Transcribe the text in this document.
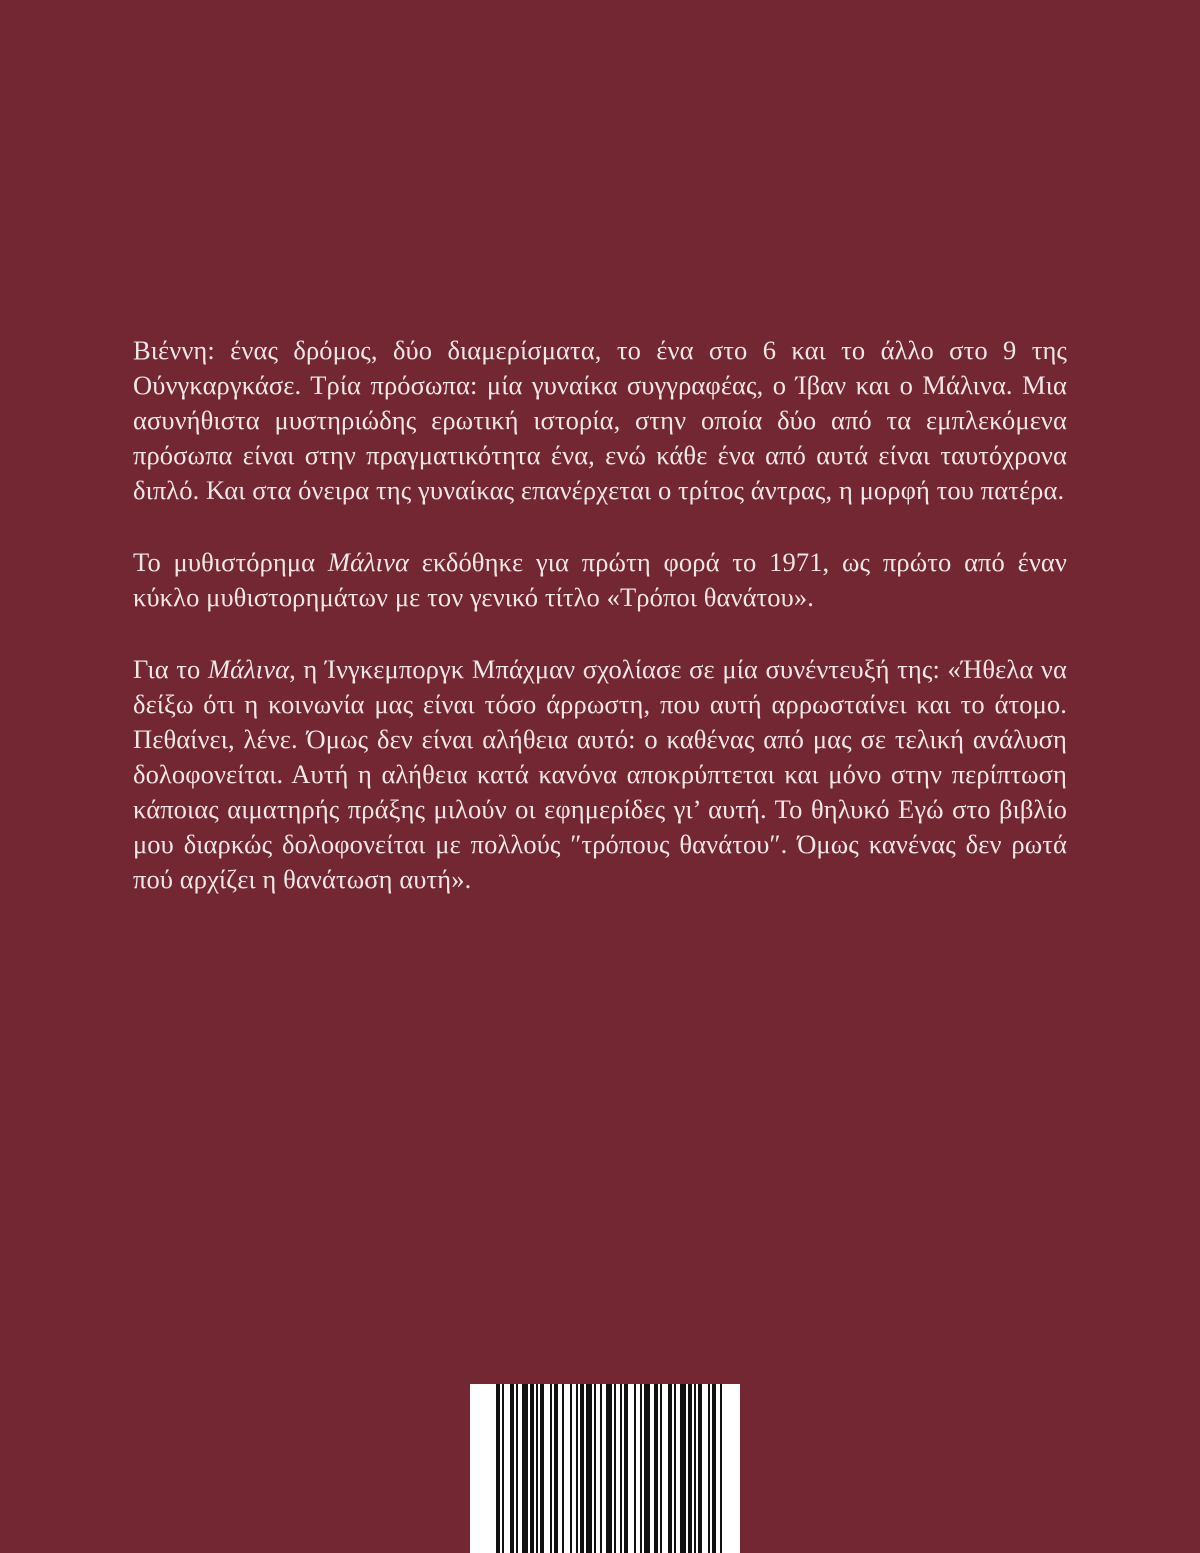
Βιέννη: ένας δρόμος, δύο διαμερίσματα, το ένα στο 6 και το άλλο στο 9 της Ούνγκαργκάσε. Τρία πρόσωπα: μία γυναίκα συγγραφέας, ο Ίβαν και ο Μάλινα. Μια ασυνήθιστα μυστηριώδης ερωτική ιστορία, στην οποία δύο από τα εμπλεκόμενα πρόσωπα είναι στην πραγματικότητα ένα, ενώ κάθε ένα από αυτά είναι ταυτόχρονα διπλό. Και στα όνειρα της γυναίκας επανέρχεται ο τρίτος άντρας, η μορφή του πατέρα.

Το μυθιστόρημα Μάλινα εκδόθηκε για πρώτη φορά το 1971, ως πρώτο από έναν κύκλο μυθιστορημάτων με τον γενικό τίτλο «Τρόποι θανάτου».

Για το Μάλινα, η Ίνγκεμποργκ Μπάχμαν σχολίασε σε μία συνέντευξή της: «Ήθελα να δείξω ότι η κοινωνία μας είναι τόσο άρρωστη, που αυτή αρρωσταίνει και το άτομο. Πεθαίνει, λένε. Όμως δεν είναι αλήθεια αυτό: ο καθένας από μας σε τελική ανάλυση δολοφονείται. Αυτή η αλήθεια κατά κανόνα αποκρύπτεται και μόνο στην περίπτωση κάποιας αιματηρής πράξης μιλούν οι εφημερίδες γι’ αυτή. Το θηλυκό Εγώ στο βιβλίο μου διαρκώς δολοφονείται με πολλούς ″τρόπους θανάτου″. Όμως κανένας δεν ρωτά πού αρχίζει η θανάτωση αυτή».
